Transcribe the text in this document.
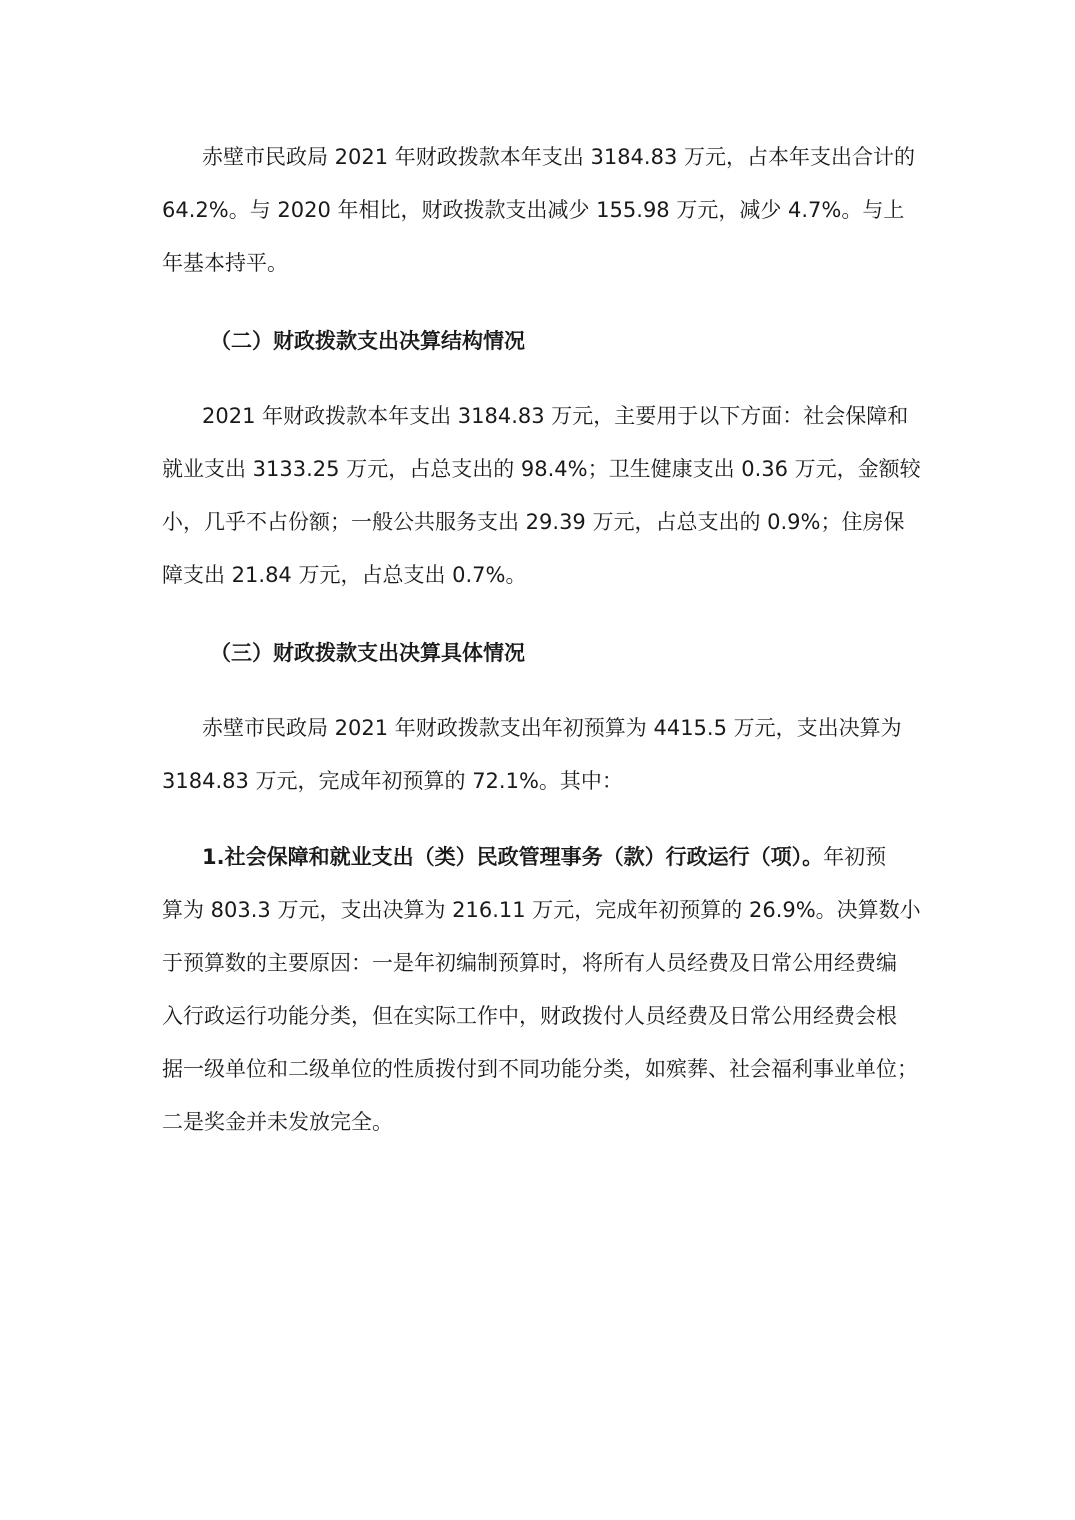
赤壁市民政局 2021 年财政拨款本年支出 3184.83 万元，占本年支出合计的
64.2%。与 2020 年相比，财政拨款支出减少 155.98 万元，减少 4.7%。与上
年基本持平。
（二）财政拨款支出决算结构情况
2021 年财政拨款本年支出 3184.83 万元，主要用于以下方面：社会保障和
就业支出 3133.25 万元，占总支出的 98.4%；卫生健康支出 0.36 万元，金额较
小，几乎不占份额；一般公共服务支出 29.39 万元，占总支出的 0.9%；住房保
障支出 21.84 万元，占总支出 0.7%。
（三）财政拨款支出决算具体情况
赤壁市民政局 2021 年财政拨款支出年初预算为 4415.5 万元，支出决算为
3184.83 万元，完成年初预算的 72.1%。其中：
1.社会保障和就业支出（类）民政管理事务（款）行政运行（项）。年初预
算为 803.3 万元，支出决算为 216.11 万元，完成年初预算的 26.9%。决算数小
于预算数的主要原因：一是年初编制预算时，将所有人员经费及日常公用经费编
入行政运行功能分类，但在实际工作中，财政拨付人员经费及日常公用经费会根
据一级单位和二级单位的性质拨付到不同功能分类，如殡葬、社会福利事业单位；
二是奖金并未发放完全。
